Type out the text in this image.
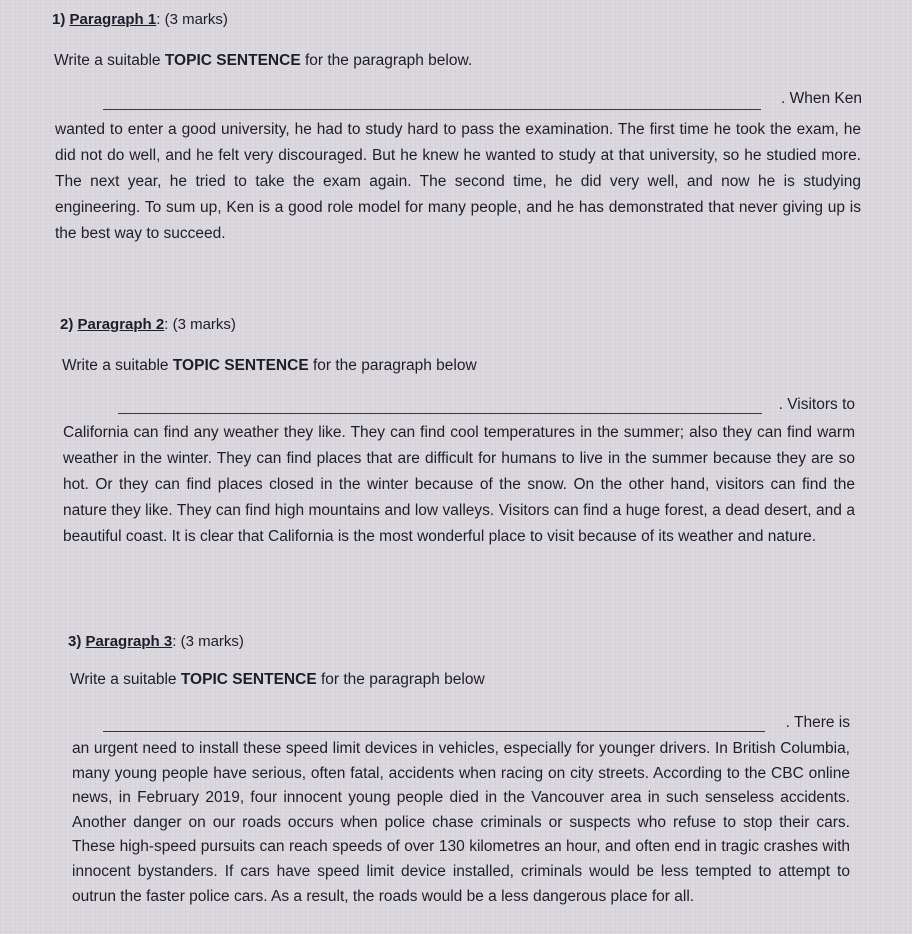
1) Paragraph 1: (3 marks)
Write a suitable TOPIC SENTENCE for the paragraph below.
. When Ken
wanted to enter a good university, he had to study hard to pass the examination. The first time he took the exam, he did not do well, and he felt very discouraged. But he knew he wanted to study at that university, so he studied more. The next year, he tried to take the exam again. The second time, he did very well, and now he is studying engineering. To sum up, Ken is a good role model for many people, and he has demonstrated that never giving up is the best way to succeed.
2) Paragraph 2: (3 marks)
Write a suitable TOPIC SENTENCE for the paragraph below
. Visitors to
California can find any weather they like. They can find cool temperatures in the summer; also they can find warm weather in the winter. They can find places that are difficult for humans to live in the summer because they are so hot. Or they can find places closed in the winter because of the snow. On the other hand, visitors can find the nature they like. They can find high mountains and low valleys. Visitors can find a huge forest, a dead desert, and a beautiful coast. It is clear that California is the most wonderful place to visit because of its weather and nature.
3) Paragraph 3: (3 marks)
Write a suitable TOPIC SENTENCE for the paragraph below
. There is
an urgent need to install these speed limit devices in vehicles, especially for younger drivers. In British Columbia, many young people have serious, often fatal, accidents when racing on city streets. According to the CBC online news, in February 2019, four innocent young people died in the Vancouver area in such senseless accidents. Another danger on our roads occurs when police chase criminals or suspects who refuse to stop their cars. These high-speed pursuits can reach speeds of over 130 kilometres an hour, and often end in tragic crashes with innocent bystanders. If cars have speed limit device installed, criminals would be less tempted to attempt to outrun the faster police cars. As a result, the roads would be a less dangerous place for all.
